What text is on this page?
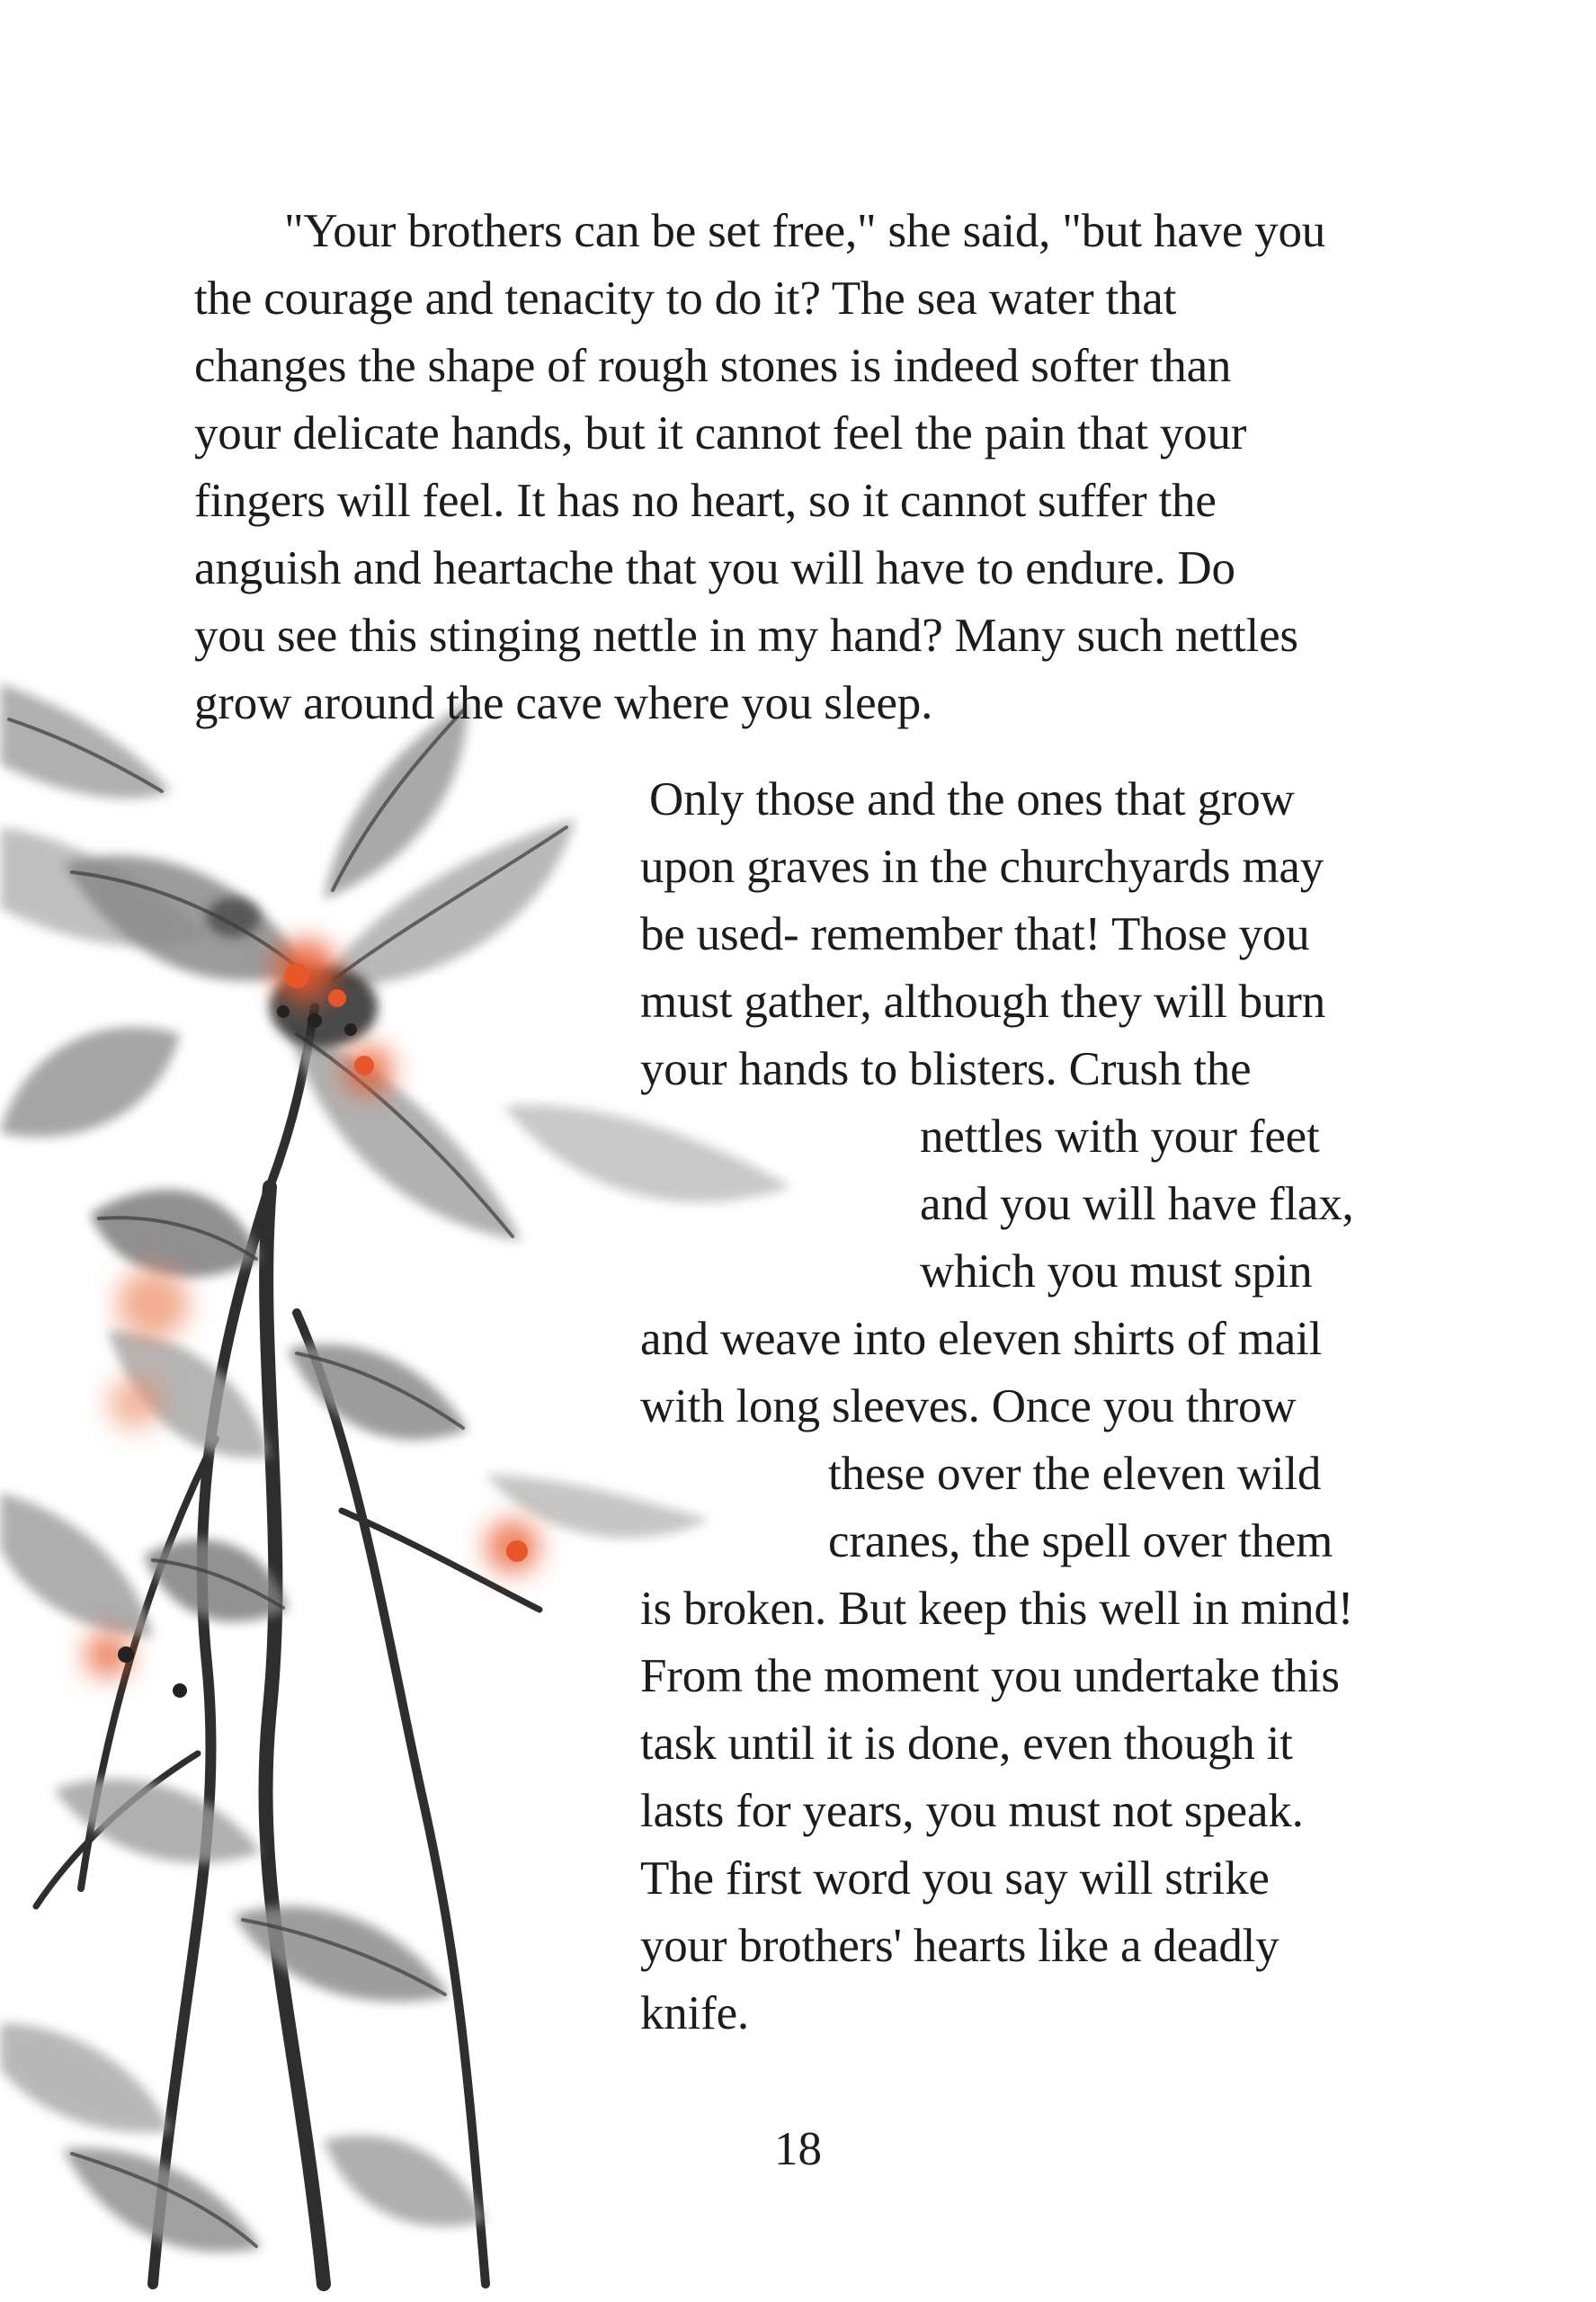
"Your brothers can be set free," she said, "but have you
the courage and tenacity to do it? The sea water that
changes the shape of rough stones is indeed softer than
your delicate hands, but it cannot feel the pain that your
fingers will feel. It has no heart, so it cannot suffer the
anguish and heartache that you will have to endure. Do
you see this stinging nettle in my hand? Many such nettles
grow around the cave where you sleep.
Only those and the ones that grow
upon graves in the churchyards may
be used- remember that! Those you
must gather, although they will burn
your hands to blisters. Crush the
nettles with your feet
and you will have flax,
which you must spin
and weave into eleven shirts of mail
with long sleeves. Once you throw
these over the eleven wild
cranes, the spell over them
is broken. But keep this well in mind!
From the moment you undertake this
task until it is done, even though it
lasts for years, you must not speak.
The first word you say will strike
your brothers' hearts like a deadly
knife.
18
